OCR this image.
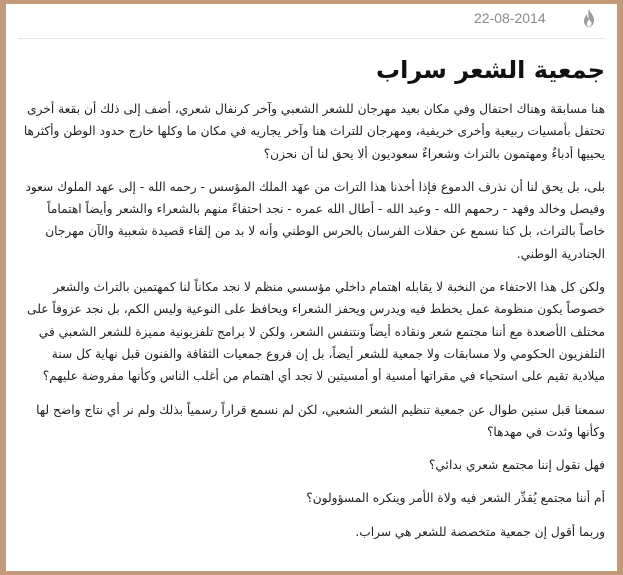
22-08-2014
جمعية الشعر سراب

هنا مسابقة وهناك احتفال وفي مكان بعيد مهرجان للشعر الشعبي وآخر كرنفال شعري، أضف إلى ذلك أن بقعة أخرى تحتفل بأمسيات ربيعية وأخرى خريفية، ومهرجان للتراث هنا وآخر يجاريه في مكان ما وكلها خارج حدود الوطن وأكثرها يحييها أدباءٌ ومهتمون بالتراث وشعراءٌ سعوديون ألا يحق لنا أن نحزن؟

بلى، بل يحق لنا أن نذرف الدموع فإذا أخذنا هذا التراث من عهد الملك المؤسس - رحمه الله - إلى عهد الملوك سعود وفيصل وخالد وفهد - رحمهم الله - وعبد الله - أطال الله عمره - نجد احتفاءً منهم بالشعراء والشعر وأيضاً اهتماماً خاصاً بالتراث، بل كنا نسمع عن حفلات الفرسان بالحرس الوطني وأنه لا بد من إلقاء قصيدة شعبية والآن مهرجان الجنادرية الوطني.

ولكن كل هذا الاحتفاء من النخبة لا يقابله اهتمام داخلي مؤسسي منظم لا نجد مكاناً لنا كمهتمين بالتراث والشعر خصوصاً يكون منظومة عمل يخطط فيه ويدرس ويحفز الشعراء ويحافظ على النوعية وليس الكم، بل نجد عزوفاً على مختلف الأصعدة مع أننا مجتمع شعر ونقاده أيضاً ونتنفس الشعر، ولكن لا برامج تلفزيونية مميزة للشعر الشعبي في التلفزيون الحكومي ولا مسابقات ولا جمعية للشعر أيضاً، بل إن فروع جمعيات الثقافة والفنون قبل نهاية كل سنة ميلادية تقيم على استحياء في مقراتها أمسية أو أمسيتين لا تجد أي اهتمام من أغلب الناس وكأنها مفروضة عليهم؟

سمعنا قبل سنين طوال عن جمعية تنظيم الشعر الشعبي، لكن لم نسمع قراراً رسمياً بذلك ولم نر أي نتاج واضح لها وكأنها وئدت في مهدها؟

فهل نقول إننا مجتمع شعري بدائي؟

أم أننا مجتمع يُقدِّر الشعر فيه ولاة الأمر وينكره المسؤولون؟

وربما أقول إن جمعية متخصصة للشعر هي سراب.
